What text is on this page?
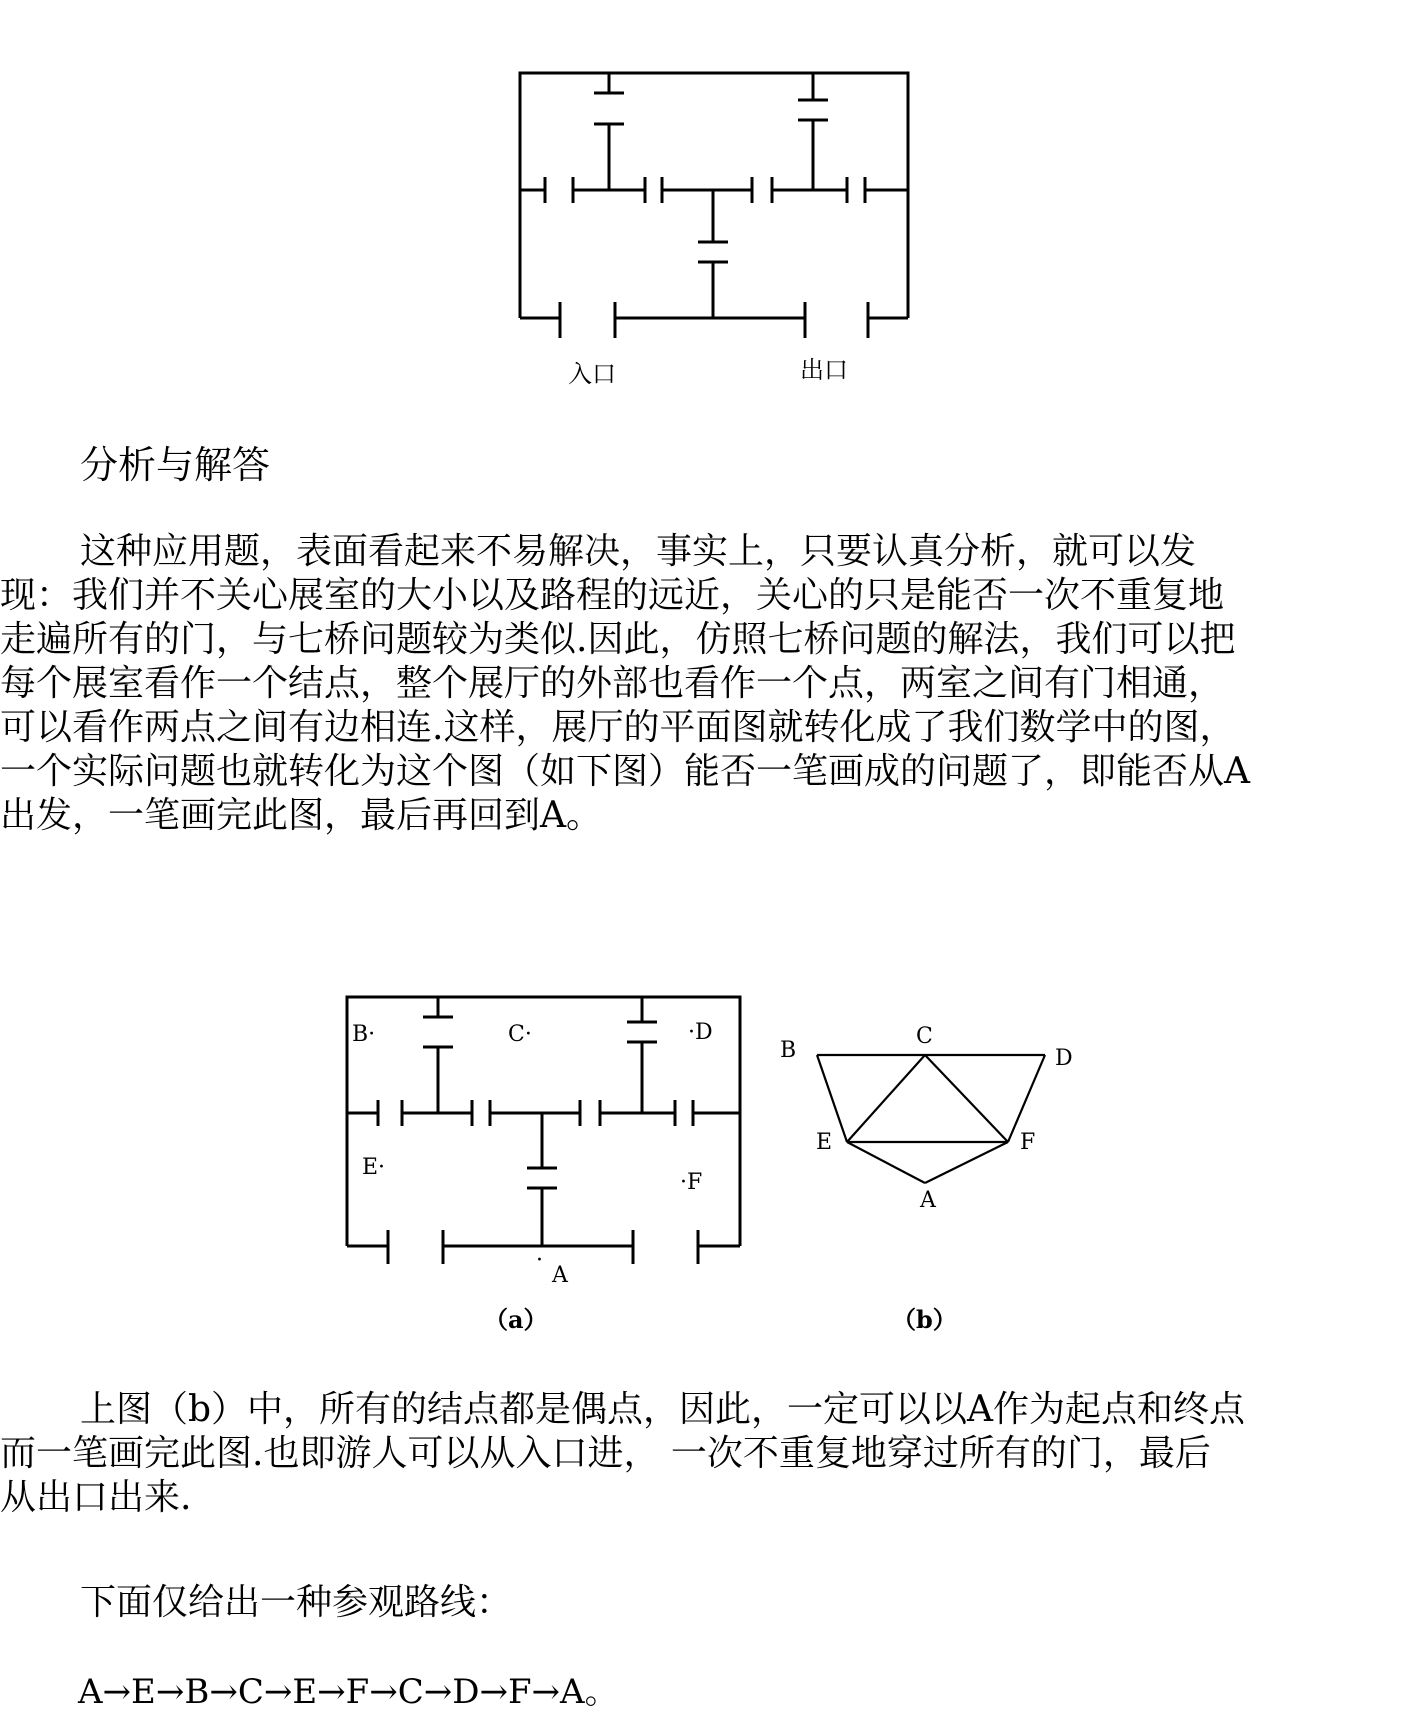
入口	出口
分析与解答
这种应用题，表面看起来不易解决，事实上，只要认真分析，就可以发
现：我们并不关心展室的大小以及路程的远近，关心的只是能否一次不重复地
走遍所有的门，与七桥问题较为类似.因此，仿照七桥问题的解法，我们可以把
每个展室看作一个结点，整个展厅的外部也看作一个点，两室之间有门相通，
可以看作两点之间有边相连.这样，展厅的平面图就转化成了我们数学中的图，
一个实际问题也就转化为这个图（如下图）能否一笔画成的问题了，即能否从A
出发，一笔画完此图，最后再回到A。
B·	C·	·D
E·
·F
·
A
（a）
B
C
D
E	F
A
（b）
上图（b）中，所有的结点都是偶点，因此，一定可以以A作为起点和终点
而一笔画完此图.也即游人可以从入口进， 一次不重复地穿过所有的门，最后
从出口出来.
下面仅给出一种参观路线：
A→E→B→C→E→F→C→D→F→A。
